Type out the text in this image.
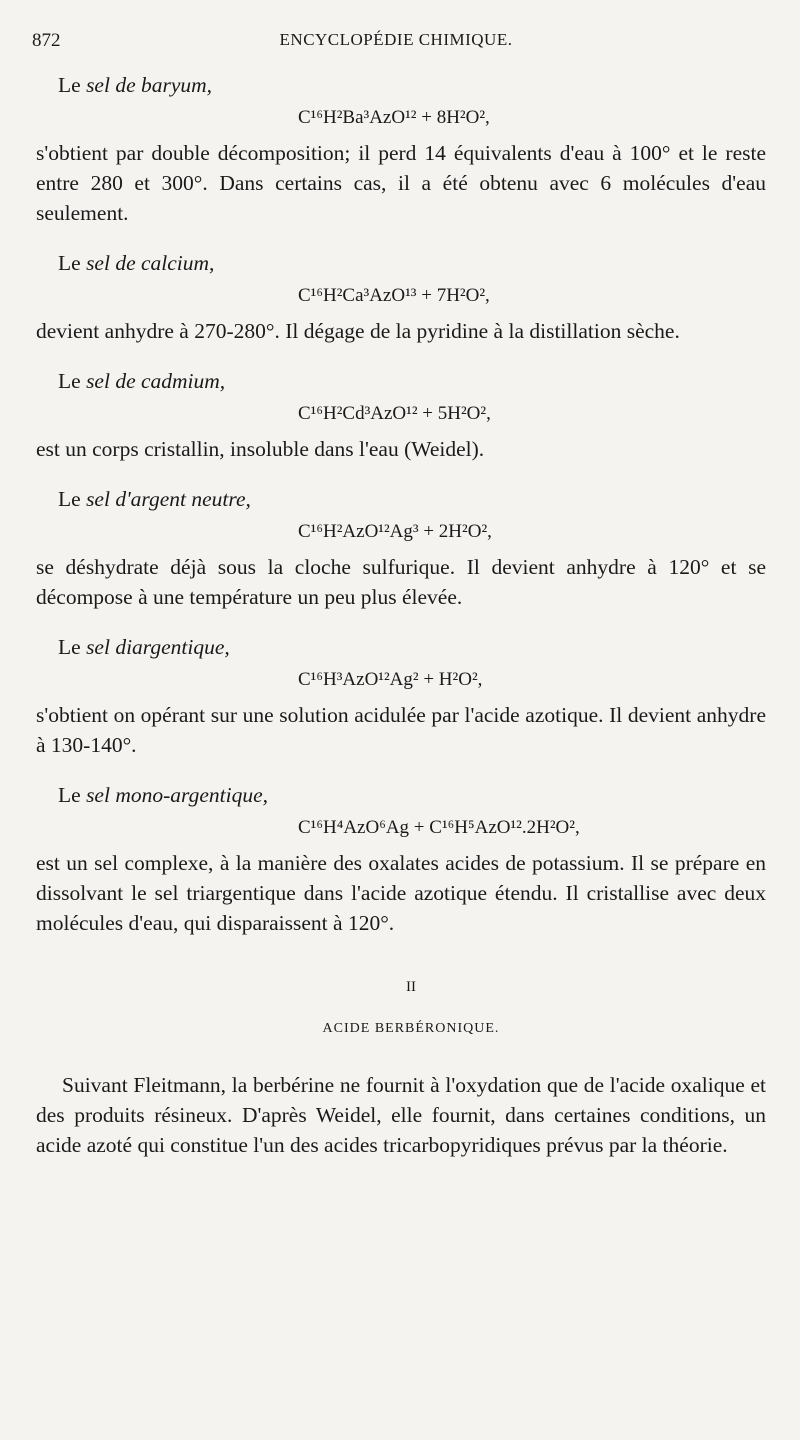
872	ENCYCLOPÉDIE CHIMIQUE.

Le sel de baryum,

C¹⁶H²Ba³AzO¹² + 8H²O²,

s'obtient par double décomposition; il perd 14 équivalents d'eau à 100° et le reste entre 280 et 300°. Dans certains cas, il a été obtenu avec 6 molécules d'eau seulement.

Le sel de calcium,

C¹⁶H²Ca³AzO¹³ + 7H²O²,

devient anhydre à 270-280°. Il dégage de la pyridine à la distillation sèche.

Le sel de cadmium,

C¹⁶H²Cd³AzO¹² + 5H²O²,

est un corps cristallin, insoluble dans l'eau (Weidel).

Le sel d'argent neutre,

C¹⁶H²AzO¹²Ag³ + 2H²O²,

se déshydrate déjà sous la cloche sulfurique. Il devient anhydre à 120° et se décompose à une température un peu plus élevée.

Le sel diargentique,

C¹⁶H³AzO¹²Ag² + H²O²,

s'obtient on opérant sur une solution acidulée par l'acide azotique. Il devient anhydre à 130-140°.

Le sel mono-argentique,

C¹⁶H⁴AzO⁶Ag + C¹⁶H⁵AzO¹².2H²O²,

est un sel complexe, à la manière des oxalates acides de potassium. Il se prépare en dissolvant le sel triargentique dans l'acide azotique étendu. Il cristallise avec deux molécules d'eau, qui disparaissent à 120°.

II
ACIDE BERBÉRONIQUE.

Suivant Fleitmann, la berbérine ne fournit à l'oxydation que de l'acide oxalique et des produits résineux. D'après Weidel, elle fournit, dans certaines conditions, un acide azoté qui constitue l'un des acides tricarbopyridiques prévus par la théorie.
